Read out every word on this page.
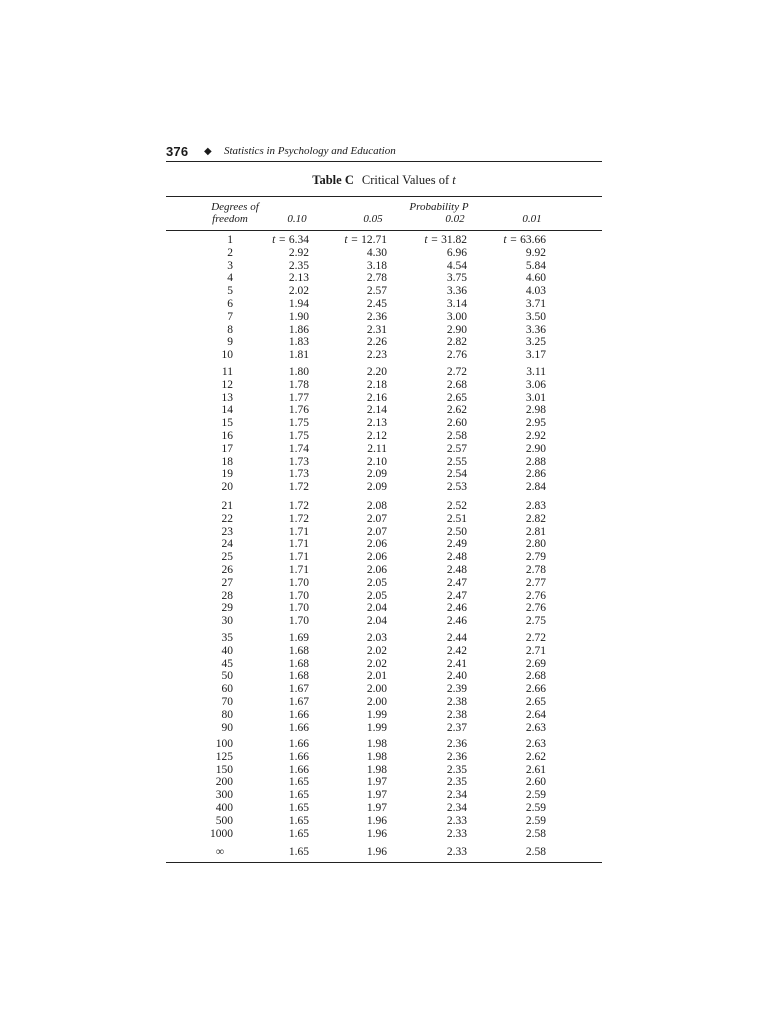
376 ◆ Statistics in Psychology and Education
Table C Critical Values of t
Degrees of
freedom
Probability P
0.10	0.05	0.02	0.01
1	t = 6.34	t = 12.71	t = 31.82	t = 63.66
2	2.92	4.30	6.96	9.92
3	2.35	3.18	4.54	5.84
4	2.13	2.78	3.75	4.60
5	2.02	2.57	3.36	4.03
6	1.94	2.45	3.14	3.71
7	1.90	2.36	3.00	3.50
8	1.86	2.31	2.90	3.36
9	1.83	2.26	2.82	3.25
10	1.81	2.23	2.76	3.17
11	1.80	2.20	2.72	3.11
12	1.78	2.18	2.68	3.06
13	1.77	2.16	2.65	3.01
14	1.76	2.14	2.62	2.98
15	1.75	2.13	2.60	2.95
16	1.75	2.12	2.58	2.92
17	1.74	2.11	2.57	2.90
18	1.73	2.10	2.55	2.88
19	1.73	2.09	2.54	2.86
20	1.72	2.09	2.53	2.84
21	1.72	2.08	2.52	2.83
22	1.72	2.07	2.51	2.82
23	1.71	2.07	2.50	2.81
24	1.71	2.06	2.49	2.80
25	1.71	2.06	2.48	2.79
26	1.71	2.06	2.48	2.78
27	1.70	2.05	2.47	2.77
28	1.70	2.05	2.47	2.76
29	1.70	2.04	2.46	2.76
30	1.70	2.04	2.46	2.75
35	1.69	2.03	2.44	2.72
40	1.68	2.02	2.42	2.71
45	1.68	2.02	2.41	2.69
50	1.68	2.01	2.40	2.68
60	1.67	2.00	2.39	2.66
70	1.67	2.00	2.38	2.65
80	1.66	1.99	2.38	2.64
90	1.66	1.99	2.37	2.63
100	1.66	1.98	2.36	2.63
125	1.66	1.98	2.36	2.62
150	1.66	1.98	2.35	2.61
200	1.65	1.97	2.35	2.60
300	1.65	1.97	2.34	2.59
400	1.65	1.97	2.34	2.59
500	1.65	1.96	2.33	2.59
1000	1.65	1.96	2.33	2.58
∞	1.65	1.96	2.33	2.58
